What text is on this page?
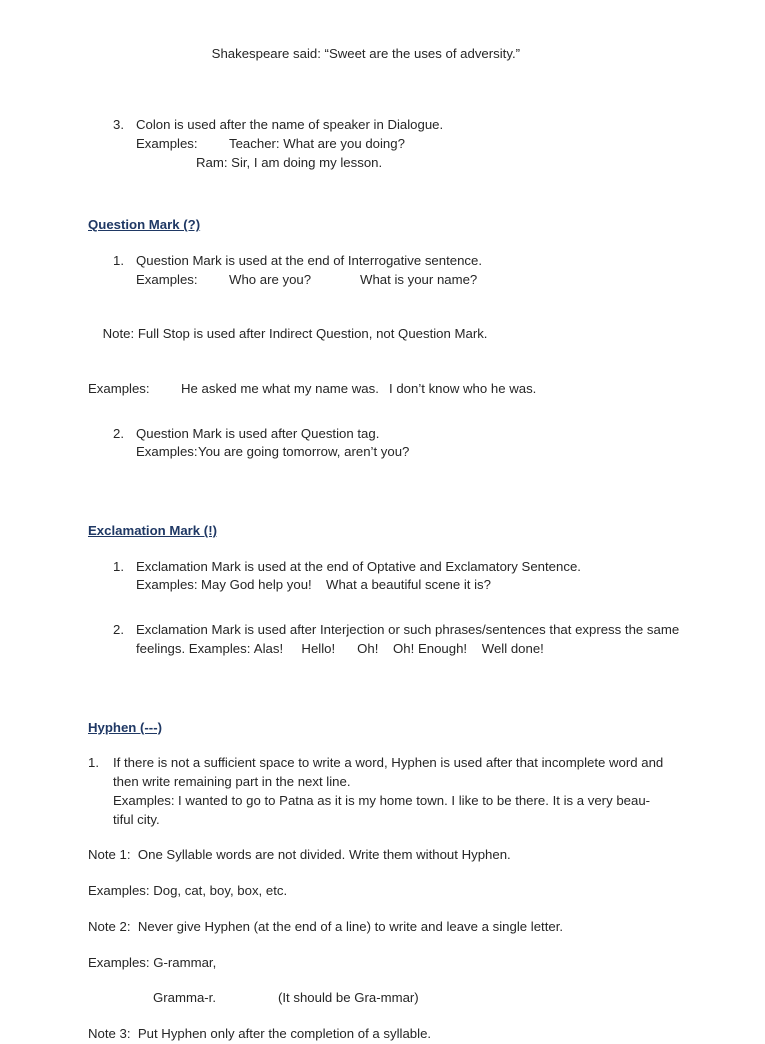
Shakespeare said: “Sweet are the uses of adversity.”

3. Colon is used after the name of speaker in Dialogue.
Examples: Teacher: What are you doing?
Ram: Sir, I am doing my lesson.
Question Mark (?)
1. Question Mark is used at the end of Interrogative sentence.
Examples: Who are you?	What is your name?

Note: Full Stop is used after Indirect Question, not Question Mark.

Examples: He asked me what my name was. I don’t know who he was.
2. Question Mark is used after Question tag.
Examples:You are going tomorrow, aren’t you?
Exclamation Mark (!)
1. Exclamation Mark is used at the end of Optative and Exclamatory Sentence.
Examples: May God help you! What a beautiful scene it is?
2. Exclamation Mark is used after Interjection or such phrases/sentences that express the same feelings. Examples: Alas!     Hello!      Oh!    Oh! Enough!    Well done!
Hyphen (---)
1.	If there is not a sufficient space to write a word, Hyphen is used after that incomplete word and then write remaining part in the next line. Examples: I wanted to go to Patna as it is my home town. I like to be there. It is a very beau- tiful city.
Note 1:  One Syllable words are not divided. Write them without Hyphen.
Examples: Dog, cat, boy, box, etc.
Note 2:  Never give Hyphen (at the end of a line) to write and leave a single letter.
Examples: G-rammar,
Gramma-r.	(It should be Gra-mmar)
Note 3:  Put Hyphen only after the completion of a syllable.
